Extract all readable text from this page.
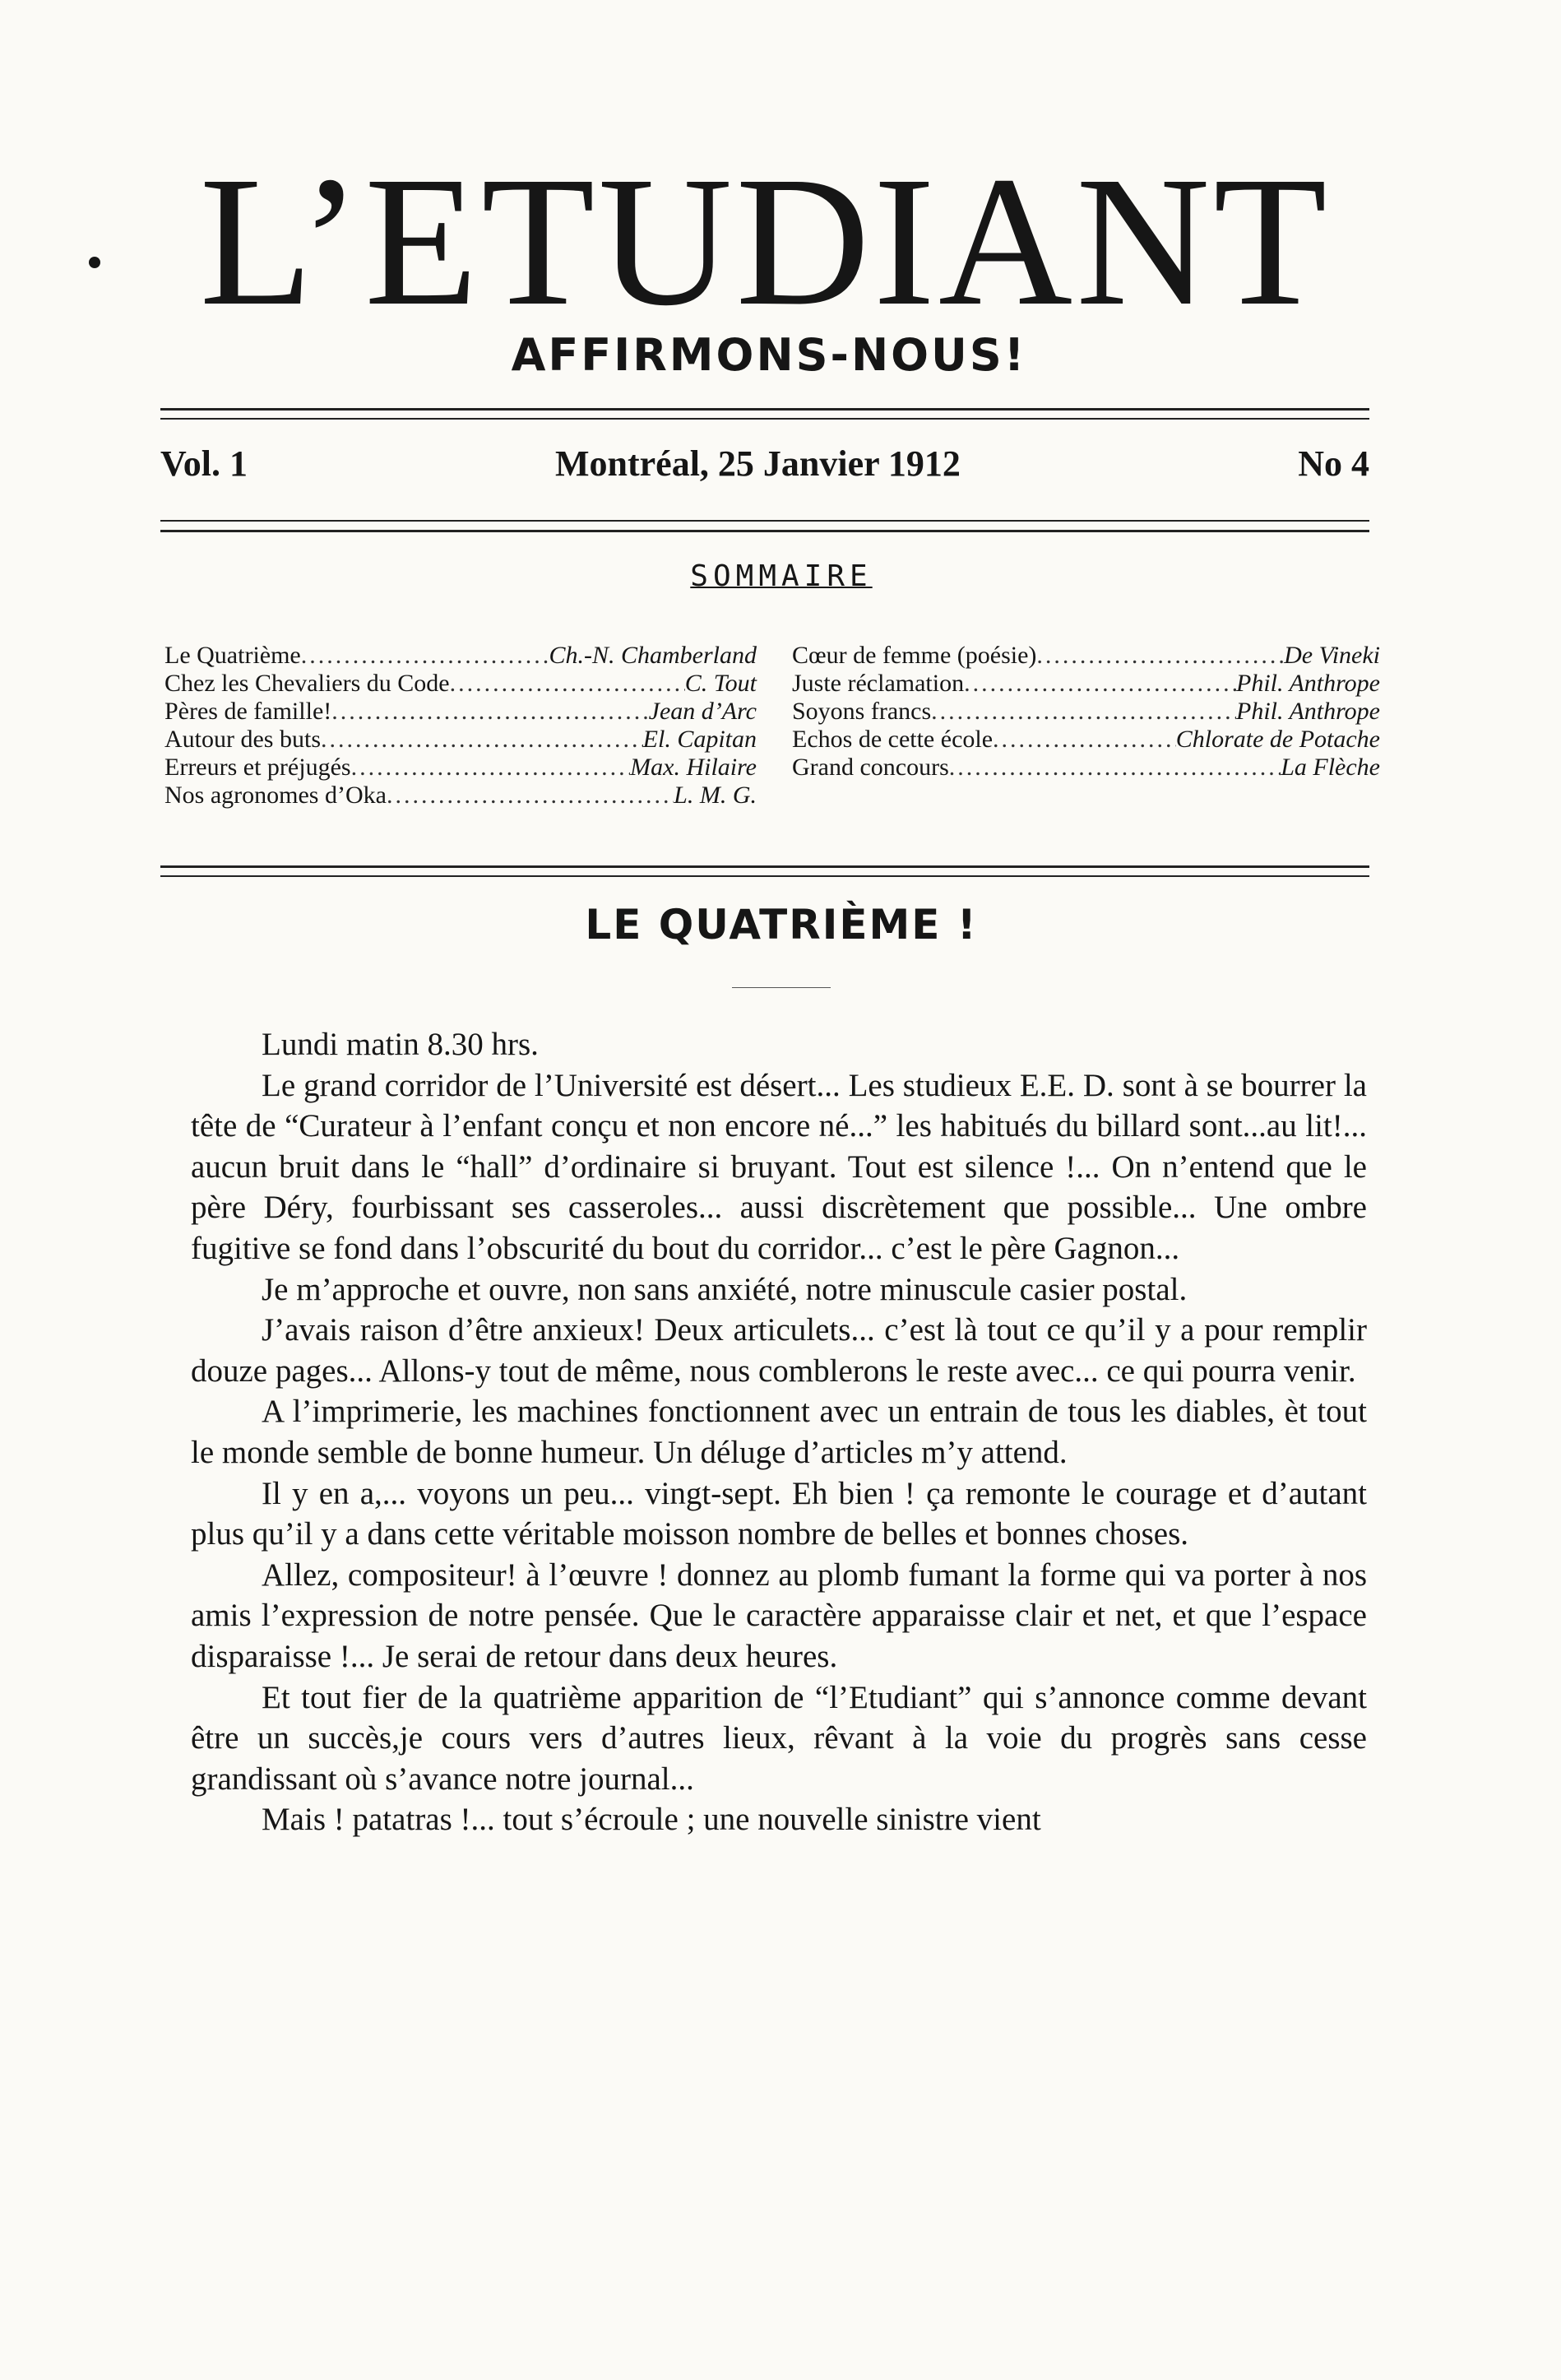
L’ETUDIANT
AFFIRMONS-NOUS!
Vol. 1	Montréal, 25 Janvier 1912	No 4
SOMMAIRE
Le Quatrième .....	Ch.-N. Chamberland
Chez les Chevaliers du Code .....	C. Tout
Pères de famille! .....	Jean d’Arc
Autour des buts .....	El. Capitan
Erreurs et préjugés .....	Max. Hilaire
Nos agronomes d’Oka .....	L. M. G.
Cœur de femme (poésie) .....	De Vineki
Juste réclamation .....	Phil. Anthrope
Soyons francs .....	Phil. Anthrope
Echos de cette école .....	Chlorate de Potache
Grand concours .....	La Flèche
LE QUATRIÈME !

Lundi matin 8.30 hrs.

Le grand corridor de l’Université est désert... Les studieux E.E. D. sont à se bourrer la tête de “Curateur à l’enfant conçu et non encore né...” les habitués du billard sont...au lit!... aucun bruit dans le “hall” d’ordinaire si bruyant. Tout est silence !... On n’entend que le père Déry, fourbissant ses casseroles... aussi discrètement que possible... Une ombre fugitive se fond dans l’obscurité du bout du corridor... c’est le père Gagnon...

Je m’approche et ouvre, non sans anxiété, notre minuscule casier postal.

J’avais raison d’être anxieux! Deux articulets... c’est là tout ce qu’il y a pour remplir douze pages... Allons-y tout de même, nous comblerons le reste avec... ce qui pourra venir.

A l’imprimerie, les machines fonctionnent avec un entrain de tous les diables, èt tout le monde semble de bonne humeur. Un déluge d’articles m’y attend.

Il y en a,... voyons un peu... vingt-sept. Eh bien ! ça remonte le courage et d’autant plus qu’il y a dans cette véritable moisson nombre de belles et bonnes choses.

Allez, compositeur! à l’œuvre ! donnez au plomb fumant la forme qui va porter à nos amis l’expression de notre pensée. Que le caractère apparaisse clair et net, et que l’espace disparaisse !... Je serai de retour dans deux heures.

Et tout fier de la quatrième apparition de “l’Etudiant” qui s’annonce comme devant être un succès,je cours vers d’autres lieux, rêvant à la voie du progrès sans cesse grandissant où s’avance notre journal...

Mais ! patatras !... tout s’écroule ; une nouvelle sinistre vient
